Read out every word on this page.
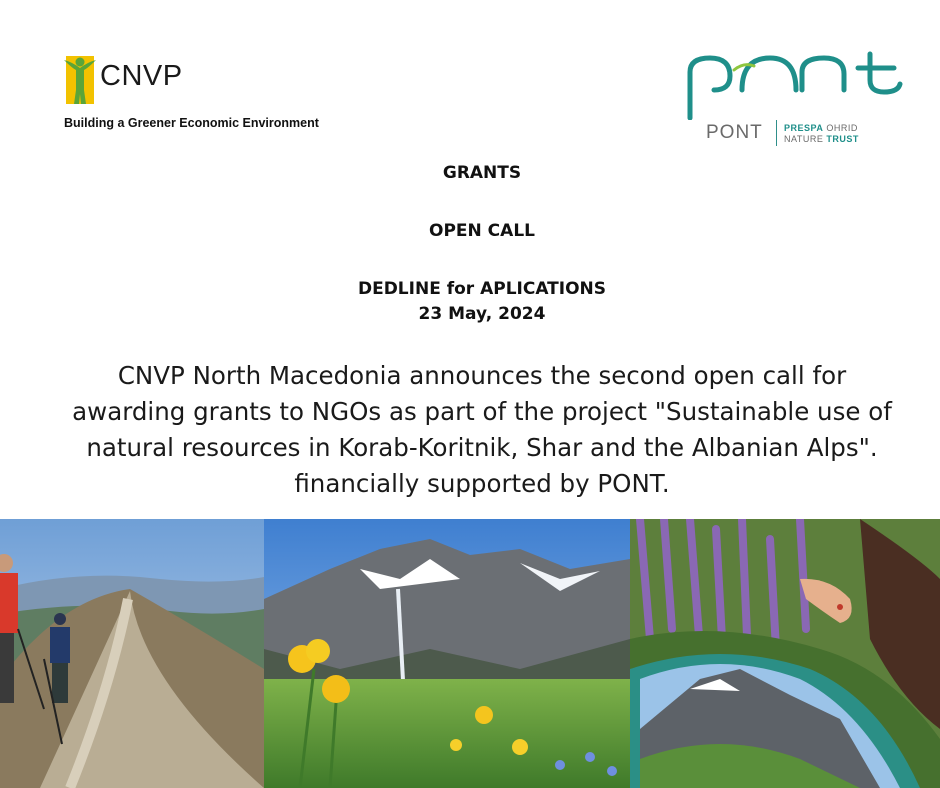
CNVP
Building a Greener Economic Environment	PONT PRESPA OHRID
NATURE TRUST
GRANTS
OPEN CALL
DEDLINE for APLICATIONS
23 May, 2024
CNVP North Macedonia announces the second open call for awarding grants to NGOs as part of the project "Sustainable use of natural resources in Korab-Koritnik, Shar and the Albanian Alps". financially supported by PONT.
